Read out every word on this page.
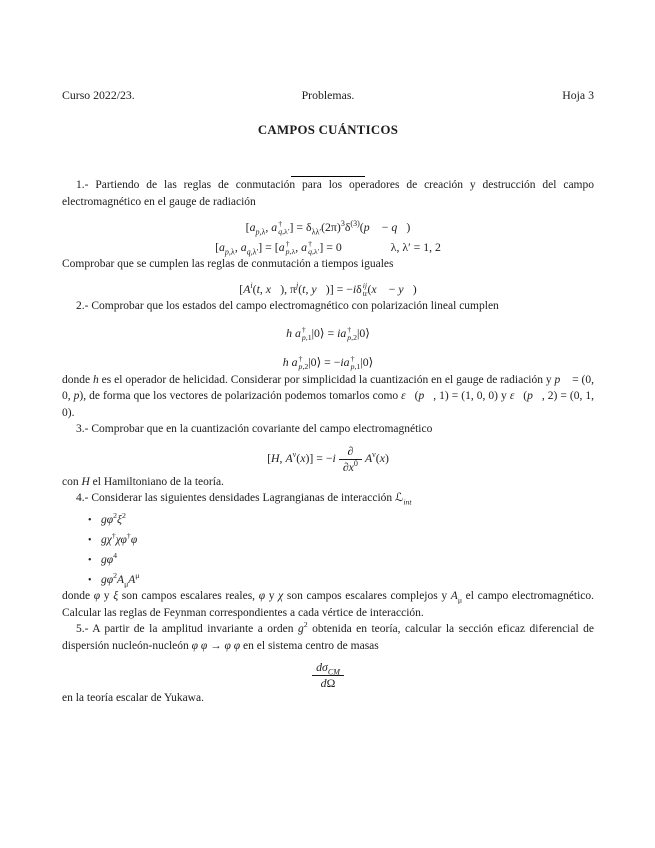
Curso 2022/23.	Problemas.	Hoja 3
CAMPOS CUÁNTICOS

1.- Partiendo de las reglas de conmutación para los operadores de creación y destrucción del campo electromagnético en el gauge de radiación

[$a_{p,\lambda}$, a †
q,λ′ ] = $\delta_{\lambda\lambda'}(2\pi)^3\delta^{(3)}(p⃗$ − q⃗)
[$a_{p,\lambda}$, $a_{q,\lambda'}] = [a$ †
p,λ , a †
q,λ′ ] = 0	λ, λ′ = 1, 2

Comprobar que se cumplen las reglas de conmutación a tiempos iguales

[$A^i(t$, x⃗), $\pi^j(t$, y⃗)] = −iδ ij
tr (x⃗ − y⃗)

2.- Comprobar que los estados del campo electromagnético con polarización lineal cumplen

h a †
p,1 |0⟩ = ia †
p,2 |0⟩
h a †
p,2 |0⟩ = −ia †
p,1 |0⟩

donde h es el operador de helicidad. Considerar por simplicidad la cuantización en el gauge de radiación y p⃗ = (0, 0, p), de forma que los vectores de polarización podemos tomarlos como ε⃗(p⃗, 1) = (1, 0, 0) y ε⃗(p⃗, 2) = (0, 1, 0).

3.- Comprobar que en la cuantización covariante del campo electromagnético

[H, $A^\nu(x)] = -i \frac{\partial}{\partial x^0} A^\nu(x)$

con H el Hamiltoniano de la teoría.

4.- Considerar las siguientes densidades Lagrangianas de interacción ℒ$_{int}$

• $g\varphi^2\xi^2$
• gχ†χφ†φ
• $g\varphi^4$
• $g\varphi^2A_\mu A^\mu$

donde φ y ξ son campos escalares reales, φ y χ son campos escalares complejos y $A_\mu$ el campo electromagnético. Calcular las reglas de Feynman correspondientes a cada vértice de interacción.

5.- A partir de la amplitud invariante a orden $g^2$ obtenida en teoría, calcular la sección eficaz diferencial de dispersión nucleón-nucleón φ φ → φ φ en el sistema centro de masas

$\frac{d\sigma_{CM}}{d\Omega}$

en la teoría escalar de Yukawa.
